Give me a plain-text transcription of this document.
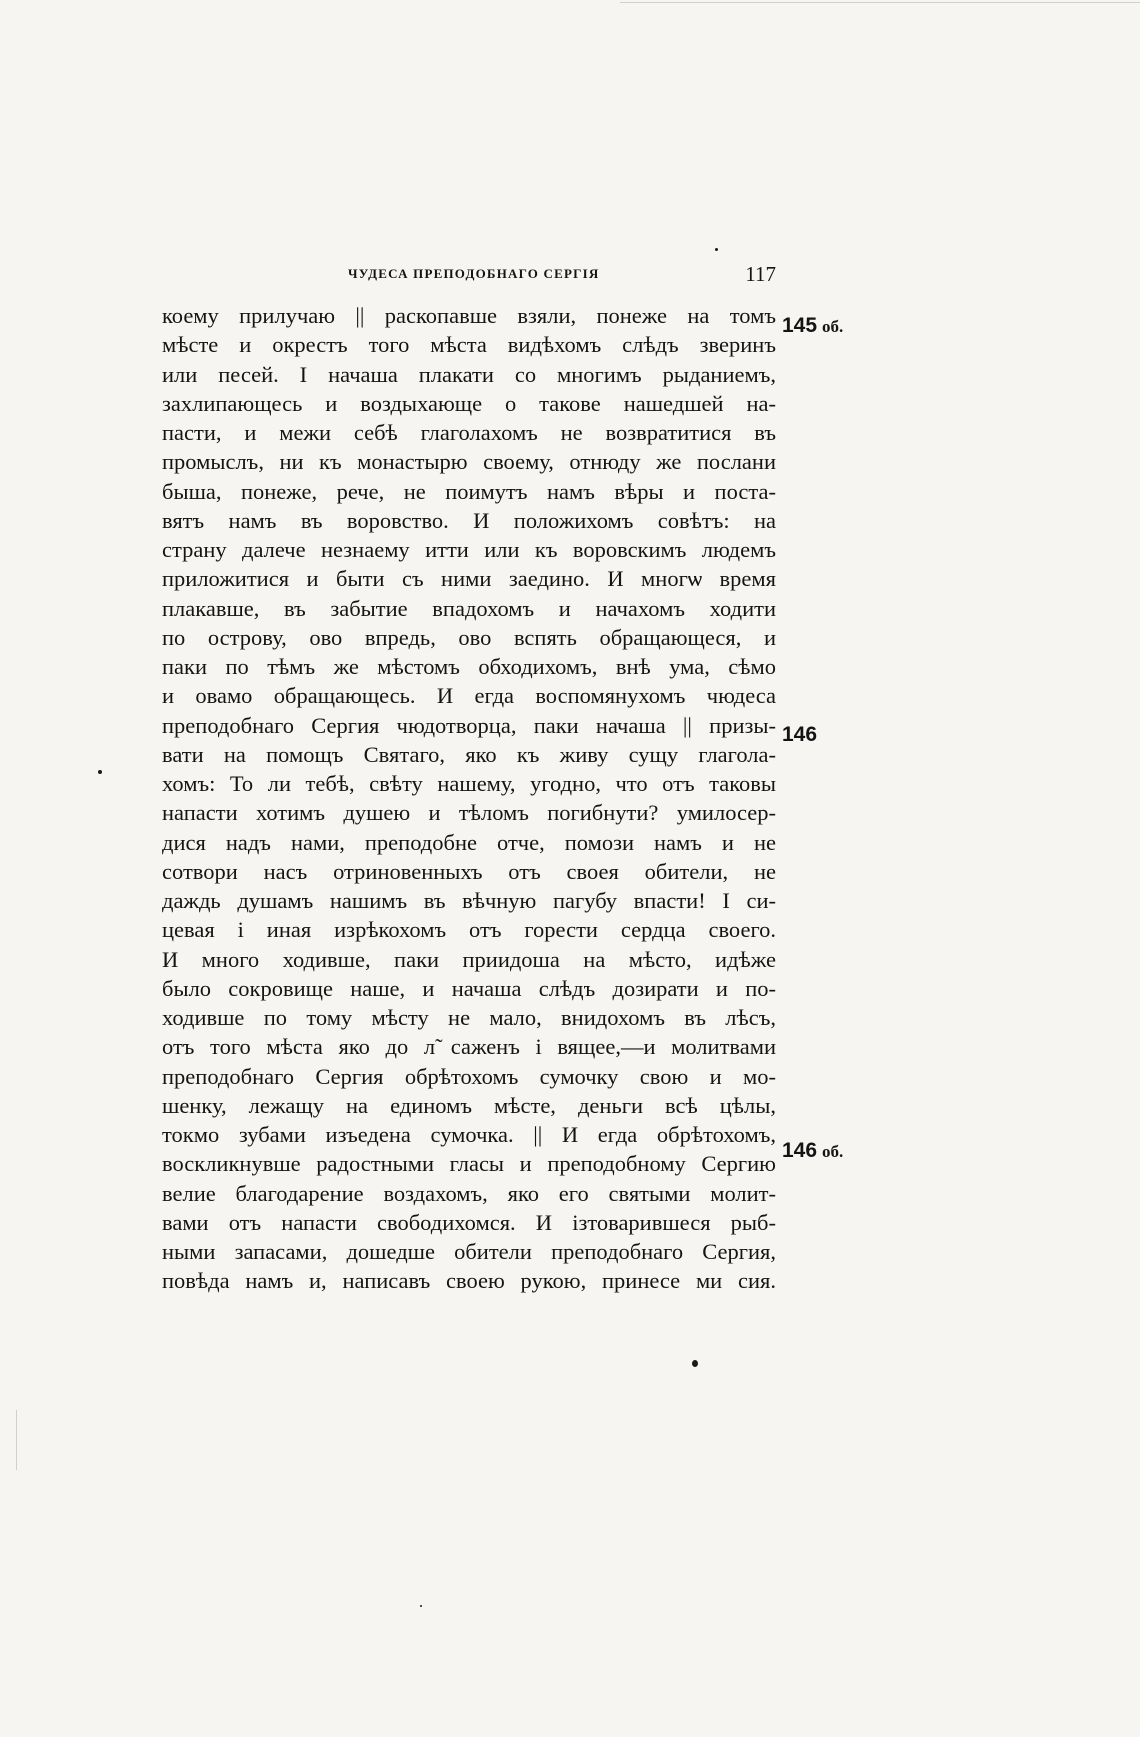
ЧУДЕСА ПРЕПОДОБНАГО СЕРГІЯ	117
коему прилучаю || раскопавше взяли, понеже на томъ
мѣсте и окрестъ того мѣста видѣхомъ слѣдъ зверинъ
или песей. І начаша плакати со многимъ рыданиемъ,
захлипающесь и воздыхающе о такове нашедшей на-
пасти, и межи себѣ глаголахомъ не возвратитися въ
промыслъ, ни къ монастырю своему, отнюду же послани
быша, понеже, рече, не поимутъ намъ вѣры и поста-
вятъ намъ въ воровство. И положихомъ совѣтъ: на
страну далече незнаему итти или къ воровскимъ людемъ
приложитися и быти съ ними заедино. И многѡ время
плакавше, въ забытие впадохомъ и начахомъ ходити
по острову, ово впредь, ово вспять обращающеся, и
паки по тѣмъ же мѣстомъ обходихомъ, внѣ ума, сѣмо
и овамо обращающесь. И егда воспомянухомъ чюдеса
преподобнаго Сергия чюдотворца, паки начаша || призы-
вати на помощъ Святаго, яко къ живу сущу глагола-
хомъ: То ли тебѣ, свѣту нашему, угодно, что отъ таковы
напасти хотимъ душею и тѣломъ погибнути? умилосер-
дися надъ нами, преподобне отче, помози намъ и не
сотвори насъ отриновенныхъ отъ своея обители, не
даждь душамъ нашимъ въ вѣчную пагубу впасти! І си-
цевая і иная изрѣкохомъ отъ горести сердца своего.
И много ходивше, паки приидоша на мѣсто, идѣже
было сокровище наше, и начаша слѣдъ дозирати и по-
ходивше по тому мѣсту не мало, внидохомъ въ лѣсъ,
отъ того мѣста яко до л̃ саженъ і вящее,—и молитвами
преподобнаго Сергия обрѣтохомъ сумочку свою и мо-
шенку, лежащу на единомъ мѣсте, деньги всѣ цѣлы,
токмо зубами изъедена сумочка. || И егда обрѣтохомъ,
воскликнувше радостными гласы и преподобному Сергию
велие благодарение воздахомъ, яко его святыми молит-
вами отъ напасти свободихомся. И ізтоварившеся рыб-
ными запасами, дошедше обители преподобнаго Сергия,
повѣда намъ и, написавъ своею рукою, принесе ми сия.
145 об.
146
146 об.
